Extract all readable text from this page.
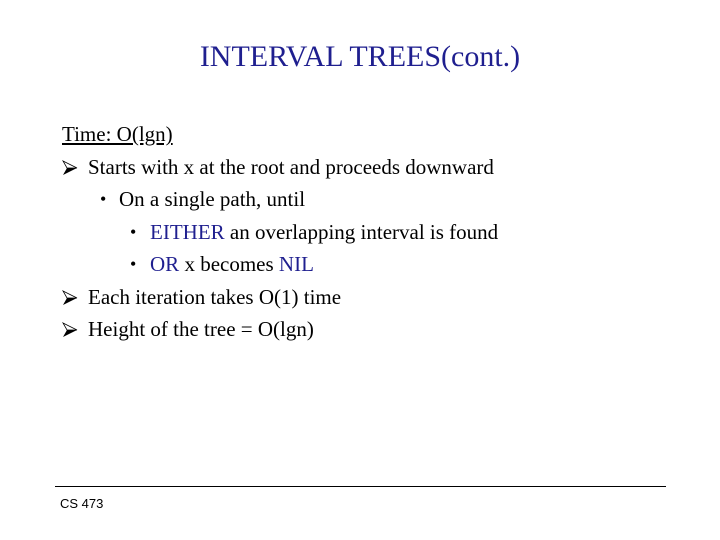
INTERVAL TREES(cont.)
Time: O(lgn)
Starts with x at the root and proceeds downward
• On a single path, until
• EITHER an overlapping interval is found
• OR x becomes NIL
Each iteration takes O(1) time
Height of the tree = O(lgn)
CS 473
